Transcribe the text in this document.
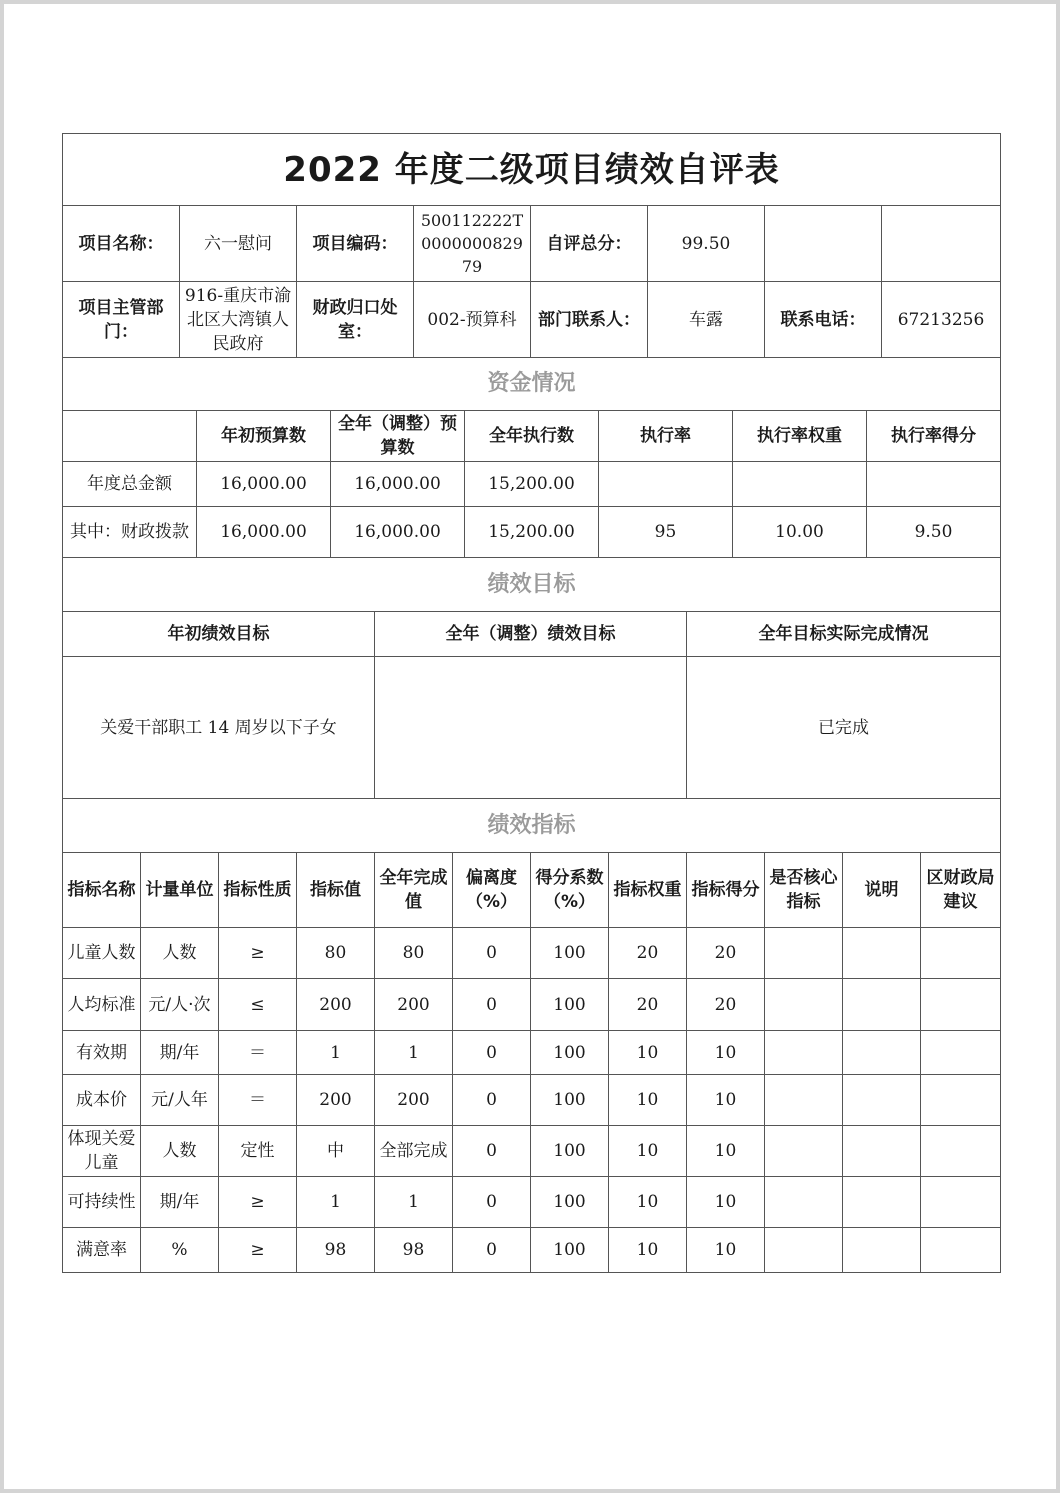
2022 年度二级项目绩效自评表
项目名称：	六一慰问	项目编码：	500112222T000000082979	自评总分：	99.50		
项目主管部门：	916-重庆市渝北区大湾镇人民政府	财政归口处室：	002-预算科	部门联系人：	车露	联系电话：	67213256
资金情况						
	年初预算数	全年（调整）预算数	全年执行数	执行率	执行率权重	执行率得分
年度总金额	16,000.00	16,000.00	15,200.00			
其中：财政拨款	16,000.00	16,000.00	15,200.00	95	10.00	9.50
绩效目标		
年初绩效目标	全年（调整）绩效目标	全年目标实际完成情况
关爱干部职工 14 周岁以下子女		已完成
绩效指标											
指标名称	计量单位	指标性质	指标值	全年完成值	偏离度（%）	得分系数（%）	指标权重	指标得分	是否核心指标	说明	区财政局建议
儿童人数	人数	≥	80	80	0	100	20	20			
人均标准	元/人·次	≤	200	200	0	100	20	20			
有效期	期/年	＝	1	1	0	100	10	10			
成本价	元/人年	＝	200	200	0	100	10	10			
体现关爱儿童	人数	定性	中	全部完成	0	100	10	10			
可持续性	期/年	≥	1	1	0	100	10	10			
满意率	%	≥	98	98	0	100	10	10			
